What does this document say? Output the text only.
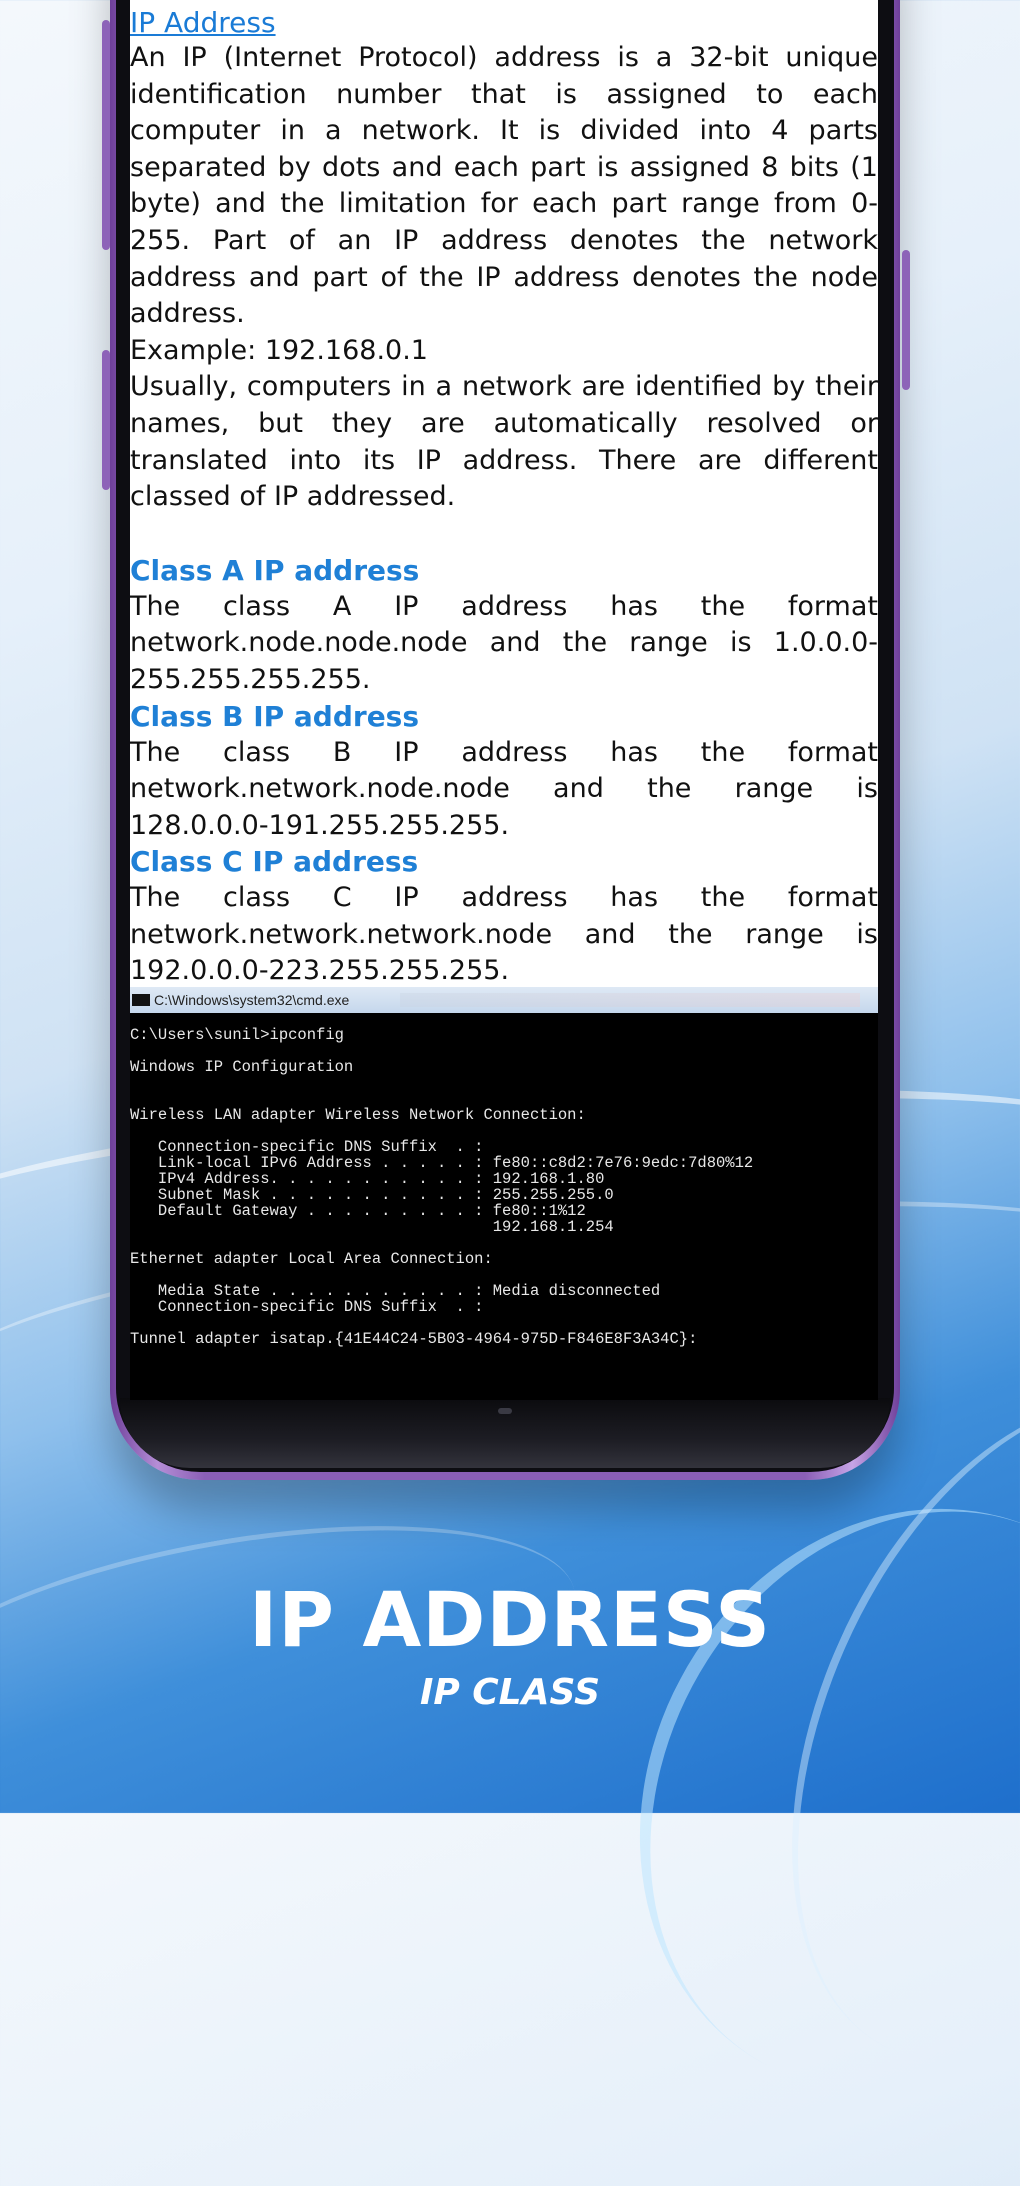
IP Address

An IP (Internet Protocol) address is a 32-bit unique identification number that is assigned to each computer in a network. It is divided into 4 parts separated by dots and each part is assigned 8 bits (1 byte) and the limitation for each part range from 0-255. Part of an IP address denotes the network address and part of the IP address denotes the node address.

Example: 192.168.0.1

Usually, computers in a network are identified by their names, but they are automatically resolved or translated into its IP address. There are different classed of IP addressed.

Class A IP address

The class A IP address has the format network.node.node.node and the range is 1.0.0.0-255.255.255.255.

Class B IP address

The class B IP address has the format network.network.node.node and the range is 128.0.0.0-191.255.255.255.

Class C IP address

The class C IP address has the format network.network.network.node and the range is 192.0.0.0-223.255.255.255.

C:\Windows\system32\cmd.exe
C:\Users\sunil>ipconfig

Windows IP Configuration

Wireless LAN adapter Wireless Network Connection:

Connection-specific DNS Suffix  . :
Link-local IPv6 Address . . . . . : fe80::c8d2:7e76:9edc:7d80%12
IPv4 Address. . . . . . . . . . . : 192.168.1.80
Subnet Mask . . . . . . . . . . . : 255.255.255.0
Default Gateway . . . . . . . . . : fe80::1%12
192.168.1.254

Ethernet adapter Local Area Connection:

Media State . . . . . . . . . . . : Media disconnected
Connection-specific DNS Suffix  . :

Tunnel adapter isatap.{41E44C24-5B03-4964-975D-F846E8F3A34C}:
IP ADDRESS
IP CLASS
